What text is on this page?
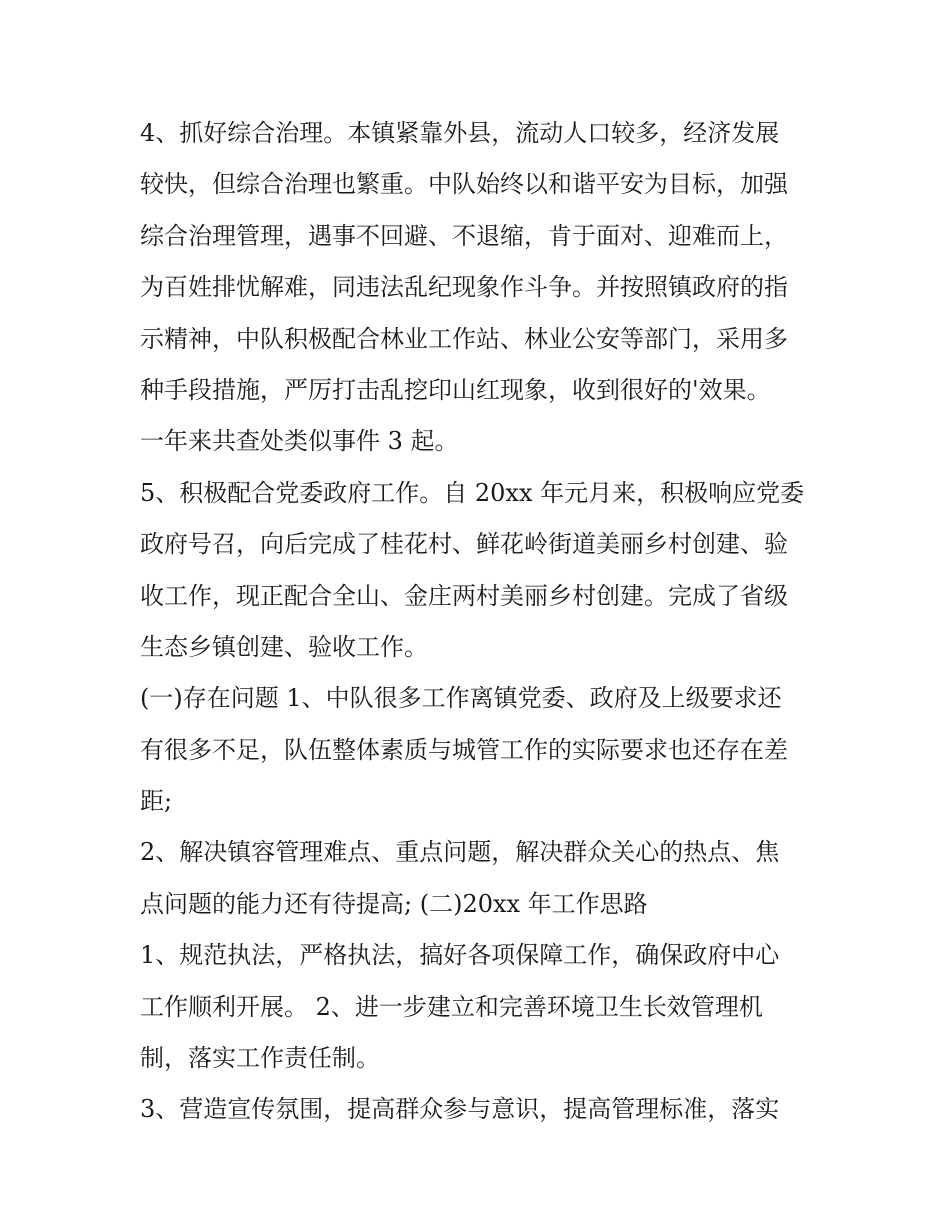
4、抓好综合治理。本镇紧靠外县，流动人口较多，经济发展
较快，但综合治理也繁重。中队始终以和谐平安为目标，加强
综合治理管理，遇事不回避、不退缩，肯于面对、迎难而上，
为百姓排忧解难，同违法乱纪现象作斗争。并按照镇政府的指
示精神，中队积极配合林业工作站、林业公安等部门，采用多
种手段措施，严厉打击乱挖印山红现象，收到很好的'效果。
一年来共查处类似事件 3 起。
5、积极配合党委政府工作。自 20xx 年元月来，积极响应党委
政府号召，向后完成了桂花村、鲜花岭街道美丽乡村创建、验
收工作，现正配合全山、金庄两村美丽乡村创建。完成了省级
生态乡镇创建、验收工作。
(一)存在问题 1、中队很多工作离镇党委、政府及上级要求还
有很多不足，队伍整体素质与城管工作的实际要求也还存在差
距;
2、解决镇容管理难点、重点问题，解决群众关心的热点、焦
点问题的能力还有待提高; (二)20xx 年工作思路
1、规范执法，严格执法，搞好各项保障工作，确保政府中心
工作顺利开展。 2、进一步建立和完善环境卫生长效管理机
制，落实工作责任制。
3、营造宣传氛围，提高群众参与意识，提高管理标准，落实
